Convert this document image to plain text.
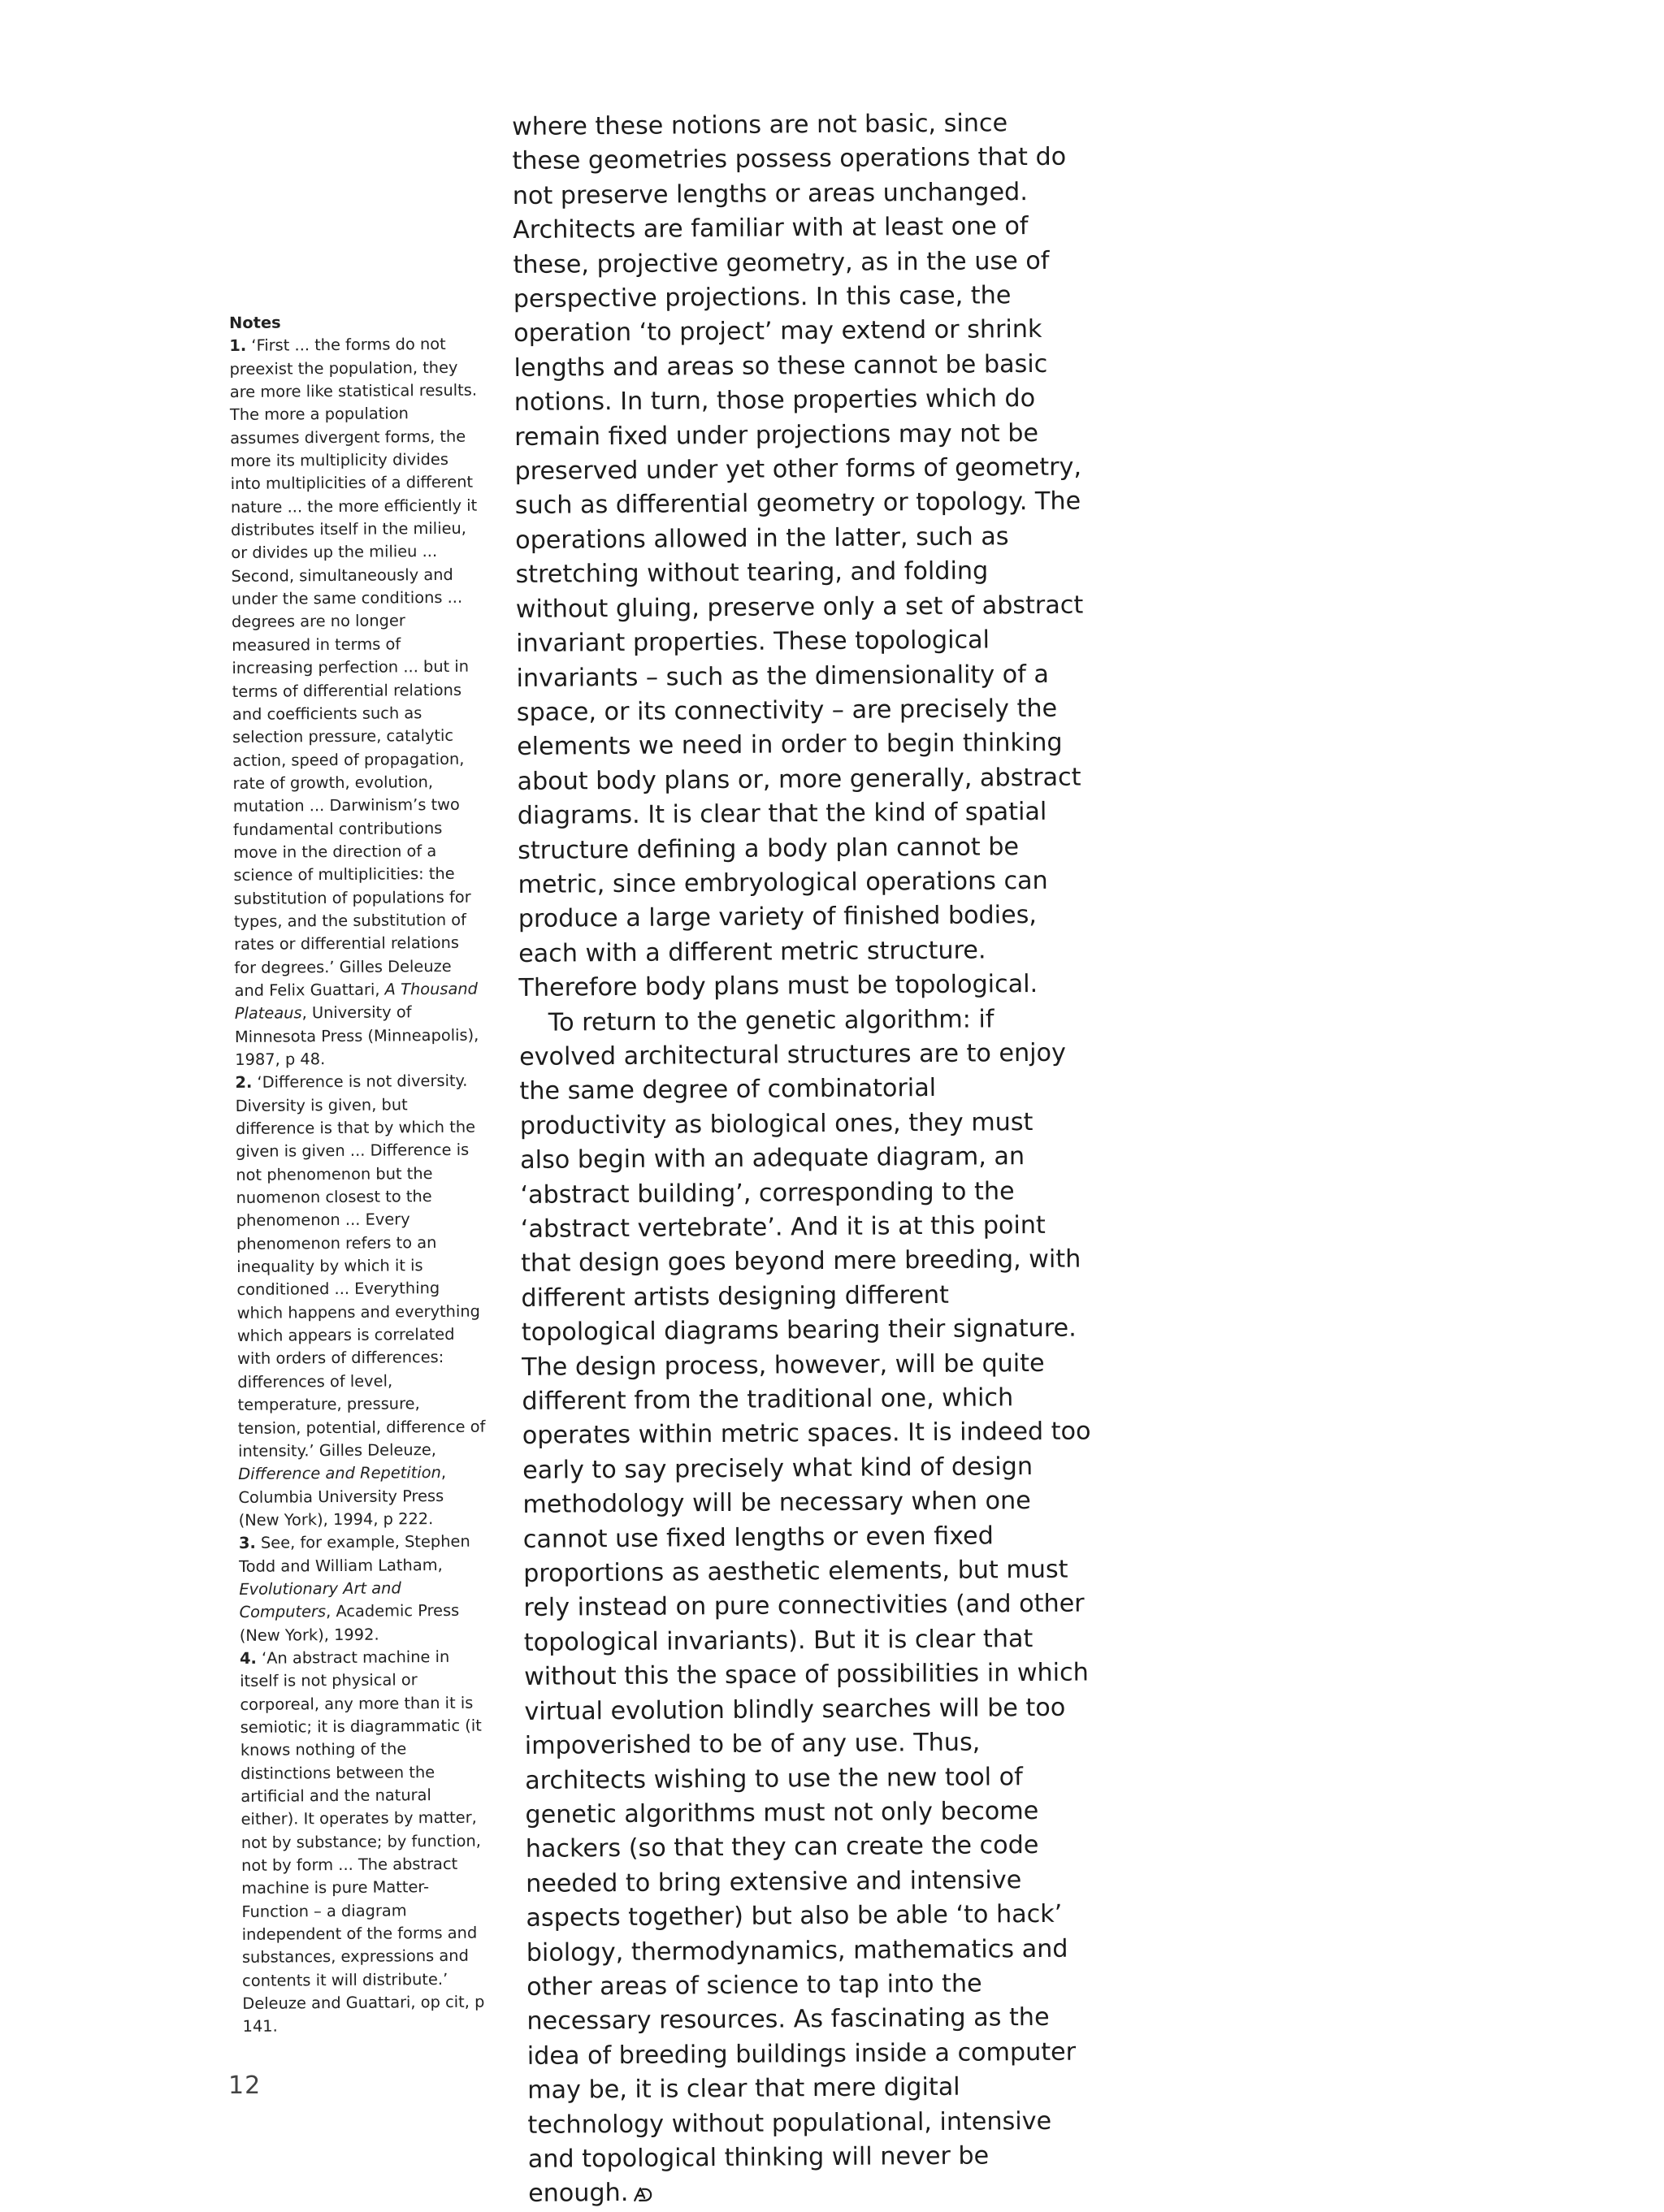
Notes
1. ‘First ... the forms do not preexist the population, they are more like statistical results. The more a population assumes divergent forms, the more its multiplicity divides into multiplicities of a different nature ... the more efficiently it distributes itself in the milieu, or divides up the milieu ... Second, simultaneously and under the same conditions ... degrees are no longer measured in terms of increasing perfection ... but in terms of differential relations and coefficients such as selection pressure, catalytic action, speed of propagation, rate of growth, evolution, mutation ... Darwinism’s two fundamental contributions move in the direction of a science of multiplicities: the substitution of populations for types, and the substitution of rates or differential relations for degrees.’ Gilles Deleuze and Felix Guattari, A Thousand Plateaus, University of Minnesota Press (Minneapolis), 1987, p 48.
2. ‘Difference is not diversity. Diversity is given, but difference is that by which the given is given ... Difference is not phenomenon but the nuomenon closest to the phenomenon ... Every phenomenon refers to an inequality by which it is conditioned ... Everything which happens and everything which appears is correlated with orders of differences: differences of level, temperature, pressure, tension, potential, difference of intensity.’ Gilles Deleuze, Difference and Repetition, Columbia University Press (New York), 1994, p 222.
3. See, for example, Stephen Todd and William Latham, Evolutionary Art and Computers, Academic Press (New York), 1992.
4. ‘An abstract machine in itself is not physical or corporeal, any more than it is semiotic; it is diagrammatic (it knows nothing of the distinctions between the artificial and the natural either). It operates by matter, not by substance; by function, not by form ... The abstract machine is pure Matter-Function – a diagram independent of the forms and substances, expressions and contents it will distribute.’ Deleuze and Guattari, op cit, p 141.
where these notions are not basic, since these geometries possess operations that do not preserve lengths or areas unchanged. Architects are familiar with at least one of these, projective geometry, as in the use of perspective projections. In this case, the operation ‘to project’ may extend or shrink lengths and areas so these cannot be basic notions. In turn, those properties which do remain fixed under projections may not be preserved under yet other forms of geometry, such as differential geometry or topology. The operations allowed in the latter, such as stretching without tearing, and folding without gluing, preserve only a set of abstract invariant properties. These topological invariants – such as the dimensionality of a space, or its connectivity – are precisely the elements we need in order to begin thinking about body plans or, more generally, abstract diagrams. It is clear that the kind of spatial structure defining a body plan cannot be metric, since embryological operations can produce a large variety of finished bodies, each with a different metric structure. Therefore body plans must be topological.
To return to the genetic algorithm: if evolved architectural structures are to enjoy the same degree of combinatorial productivity as biological ones, they must also begin with an adequate diagram, an ‘abstract building’, corresponding to the ‘abstract vertebrate’. And it is at this point that design goes beyond mere breeding, with different artists designing different topological diagrams bearing their signature. The design process, however, will be quite different from the traditional one, which operates within metric spaces. It is indeed too early to say precisely what kind of design methodology will be necessary when one cannot use fixed lengths or even fixed proportions as aesthetic elements, but must rely instead on pure connectivities (and other topological invariants). But it is clear that without this the space of possibilities in which virtual evolution blindly searches will be too impoverished to be of any use. Thus, architects wishing to use the new tool of genetic algorithms must not only become hackers (so that they can create the code needed to bring extensive and intensive aspects together) but also be able ‘to hack’ biology, thermodynamics, mathematics and other areas of science to tap into the necessary resources. As fascinating as the idea of breeding buildings inside a computer may be, it is clear that mere digital technology without populational, intensive and topological thinking will never be enough.
12
